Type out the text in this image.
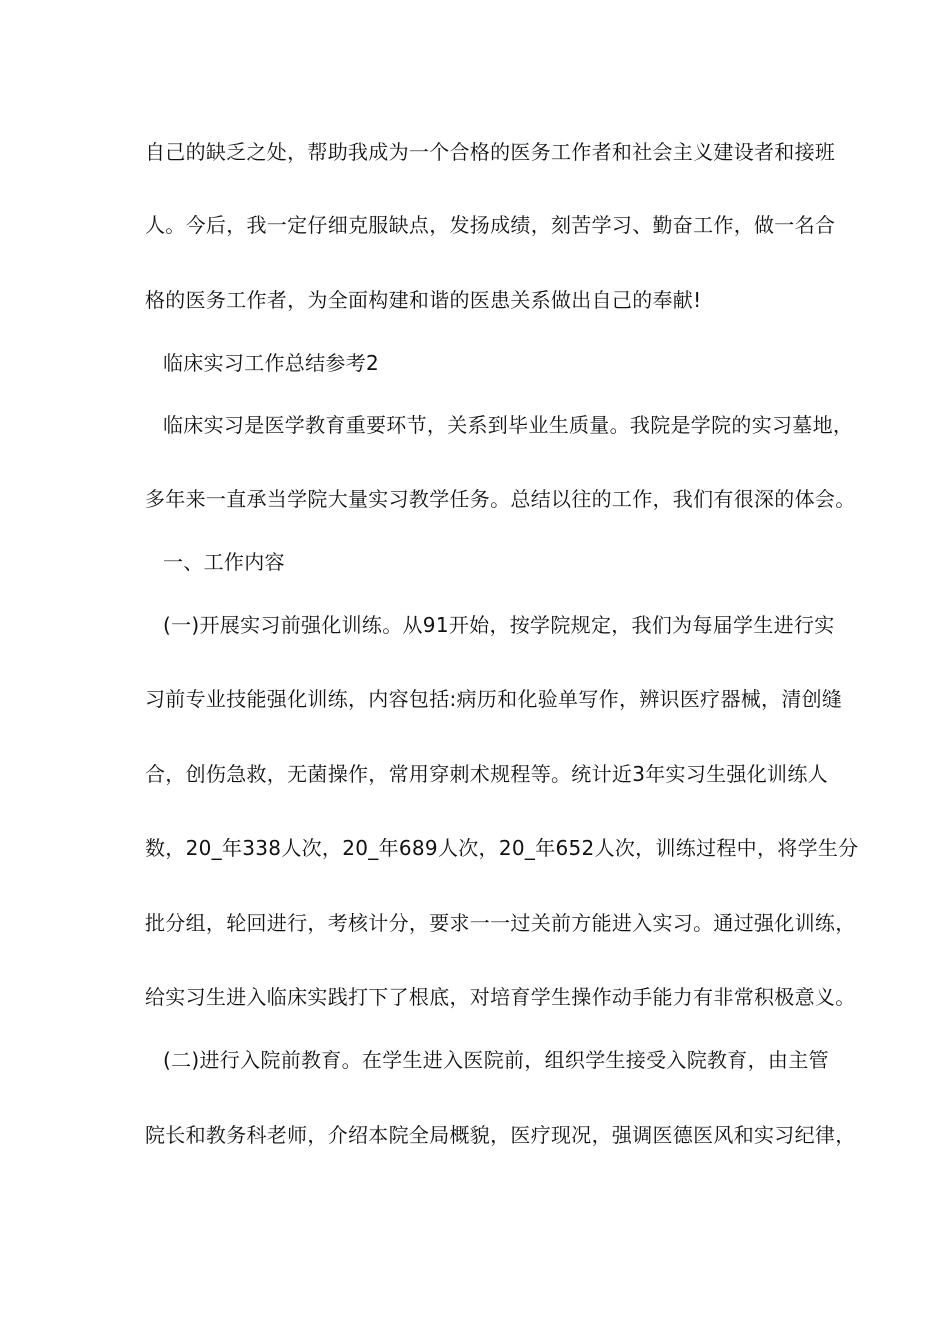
自己的缺乏之处，帮助我成为一个合格的医务工作者和社会主义建设者和接班
人。今后，我一定仔细克服缺点，发扬成绩，刻苦学习、勤奋工作，做一名合
格的医务工作者，为全面构建和谐的医患关系做出自己的奉献!
临床实习工作总结参考2
临床实习是医学教育重要环节，关系到毕业生质量。我院是学院的实习墓地，
多年来一直承当学院大量实习教学任务。总结以往的工作，我们有很深的体会。
一、工作内容
(一)开展实习前强化训练。从91开始，按学院规定，我们为每届学生进行实
习前专业技能强化训练，内容包括:病历和化验单写作，辨识医疗器械，清创缝
合，创伤急救，无菌操作，常用穿刺术规程等。统计近3年实习生强化训练人
数，20_年338人次，20_年689人次，20_年652人次，训练过程中，将学生分
批分组，轮回进行，考核计分，要求一一过关前方能进入实习。通过强化训练，
给实习生进入临床实践打下了根底，对培育学生操作动手能力有非常积极意义。
(二)进行入院前教育。在学生进入医院前，组织学生接受入院教育，由主管
院长和教务科老师，介绍本院全局概貌，医疗现况，强调医德医风和实习纪律，
